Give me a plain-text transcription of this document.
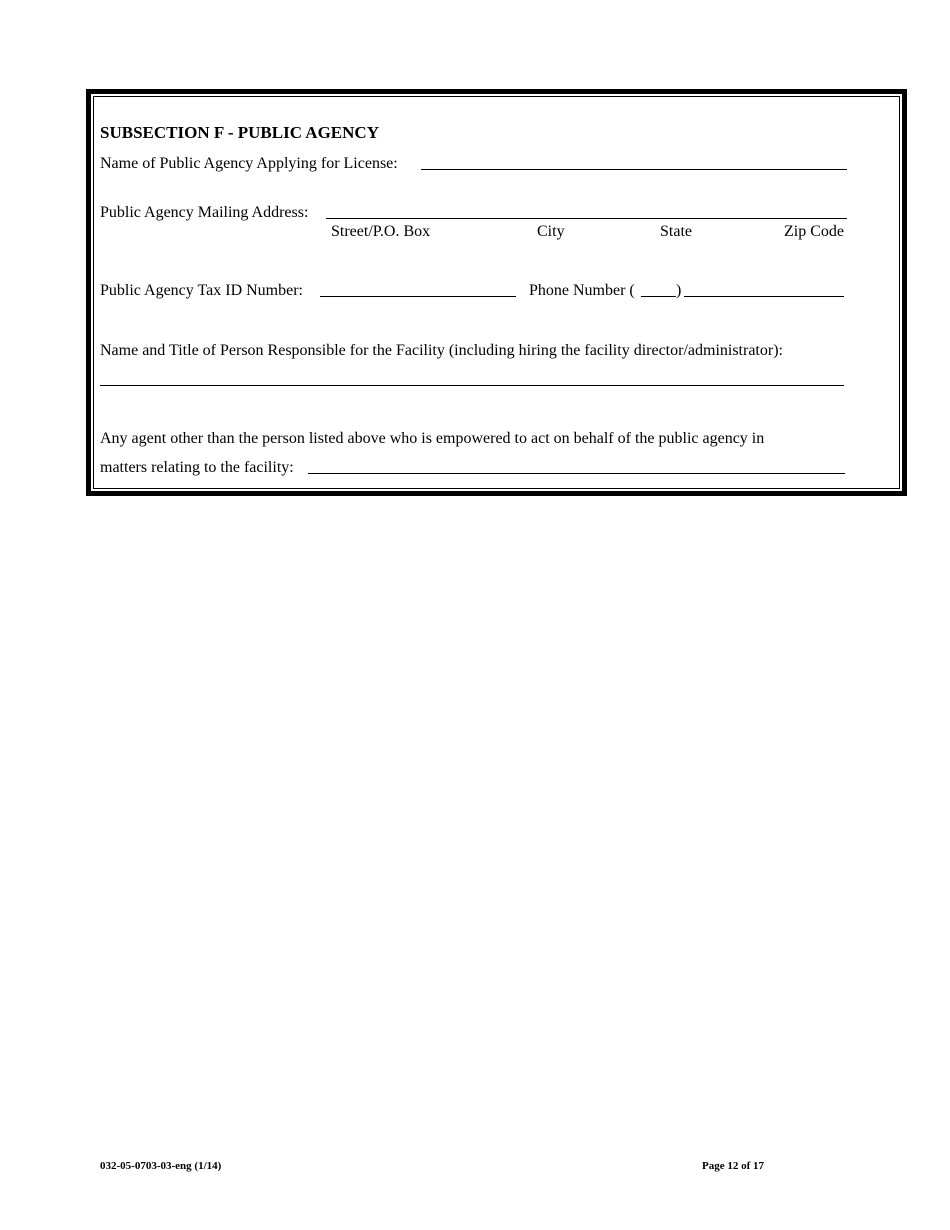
SUBSECTION F - PUBLIC AGENCY
Name of Public Agency Applying for License:
Public Agency Mailing Address:
Street/P.O. Box	City	State	Zip Code
Public Agency Tax ID Number:	Phone Number (	)
Name and Title of Person Responsible for the Facility (including hiring the facility director/administrator):
Any agent other than the person listed above who is empowered to act on behalf of the public agency in
matters relating to the facility:
032-05-0703-03-eng (1/14)	Page 12 of 17
